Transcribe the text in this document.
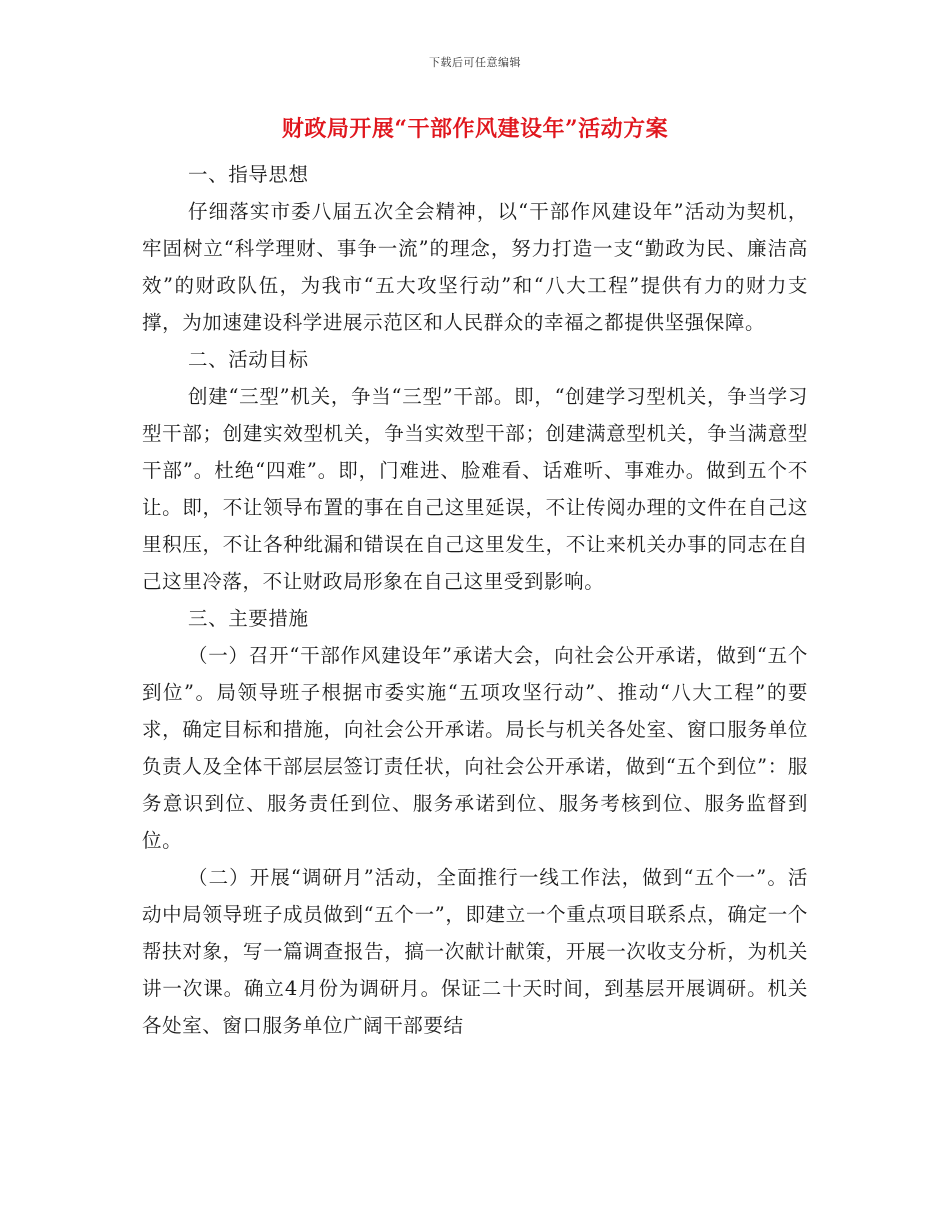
下载后可任意编辑
财政局开展“干部作风建设年”活动方案

一、指导思想

仔细落实市委八届五次全会精神，以“干部作风建设年”活动为契机，牢固树立“科学理财、事争一流”的理念，努力打造一支“勤政为民、廉洁高效”的财政队伍，为我市“五大攻坚行动”和“八大工程”提供有力的财力支撑，为加速建设科学进展示范区和人民群众的幸福之都提供坚强保障。

二、活动目标

创建“三型”机关，争当“三型”干部。即，“创建学习型机关，争当学习型干部；创建实效型机关，争当实效型干部；创建满意型机关，争当满意型干部”。杜绝“四难”。即，门难进、脸难看、话难听、事难办。做到五个不让。即，不让领导布置的事在自己这里延误，不让传阅办理的文件在自己这里积压，不让各种纰漏和错误在自己这里发生，不让来机关办事的同志在自己这里冷落，不让财政局形象在自己这里受到影响。

三、主要措施

（一）召开“干部作风建设年”承诺大会，向社会公开承诺，做到“五个到位”。局领导班子根据市委实施“五项攻坚行动”、推动“八大工程”的要求，确定目标和措施，向社会公开承诺。局长与机关各处室、窗口服务单位负责人及全体干部层层签订责任状，向社会公开承诺，做到“五个到位”：服务意识到位、服务责任到位、服务承诺到位、服务考核到位、服务监督到位。

（二）开展“调研月”活动，全面推行一线工作法，做到“五个一”。活动中局领导班子成员做到“五个一”，即建立一个重点项目联系点，确定一个帮扶对象，写一篇调查报告，搞一次献计献策，开展一次收支分析，为机关讲一次课。确立4月份为调研月。保证二十天时间，到基层开展调研。机关各处室、窗口服务单位广阔干部要结
